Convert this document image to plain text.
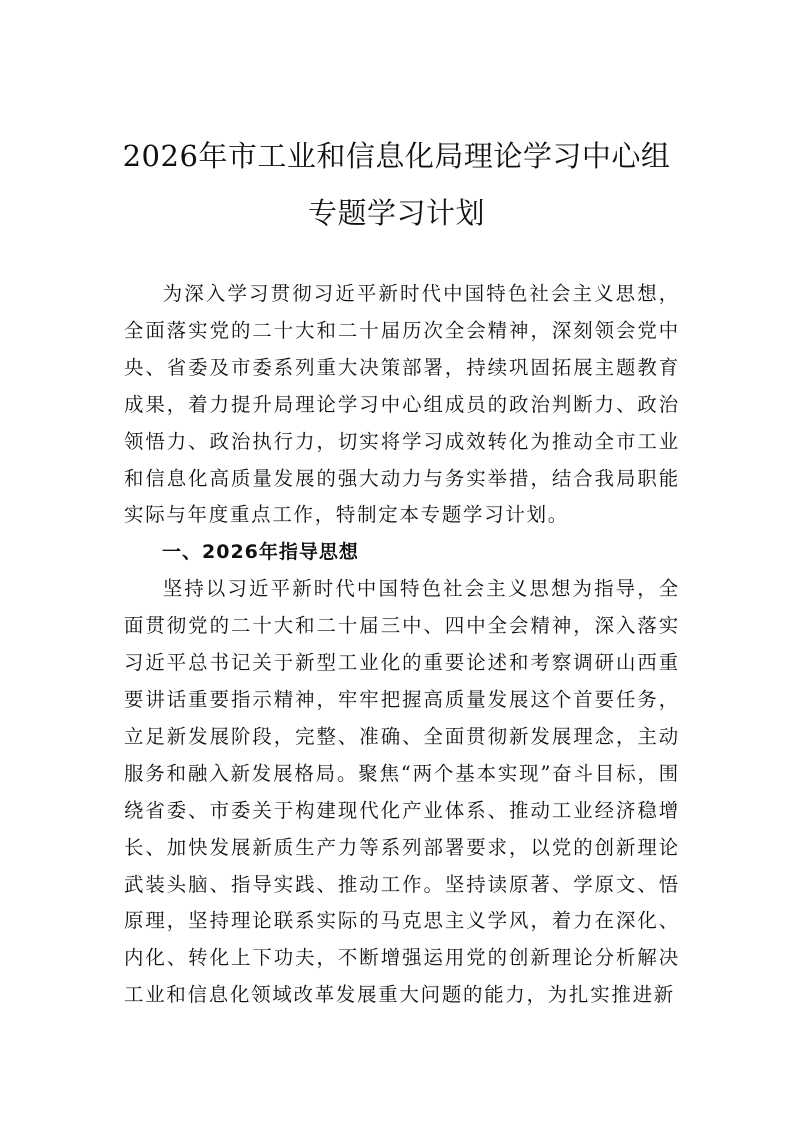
2026年市工业和信息化局理论学习中心组
专题学习计划

为深入学习贯彻习近平新时代中国特色社会主义思想，全面落实党的二十大和二十届历次全会精神，深刻领会党中央、省委及市委系列重大决策部署，持续巩固拓展主题教育成果，着力提升局理论学习中心组成员的政治判断力、政治领悟力、政治执行力，切实将学习成效转化为推动全市工业和信息化高质量发展的强大动力与务实举措，结合我局职能实际与年度重点工作，特制定本专题学习计划。

一、2026年指导思想

坚持以习近平新时代中国特色社会主义思想为指导，全面贯彻党的二十大和二十届三中、四中全会精神，深入落实习近平总书记关于新型工业化的重要论述和考察调研山西重要讲话重要指示精神，牢牢把握高质量发展这个首要任务，立足新发展阶段，完整、准确、全面贯彻新发展理念，主动服务和融入新发展格局。聚焦“两个基本实现”奋斗目标，围绕省委、市委关于构建现代化产业体系、推动工业经济稳增长、加快发展新质生产力等系列部署要求，以党的创新理论武装头脑、指导实践、推动工作。坚持读原著、学原文、悟原理，坚持理论联系实际的马克思主义学风，着力在深化、内化、转化上下功夫，不断增强运用党的创新理论分析解决工业和信息化领域改革发展重大问题的能力，为扎实推进新
